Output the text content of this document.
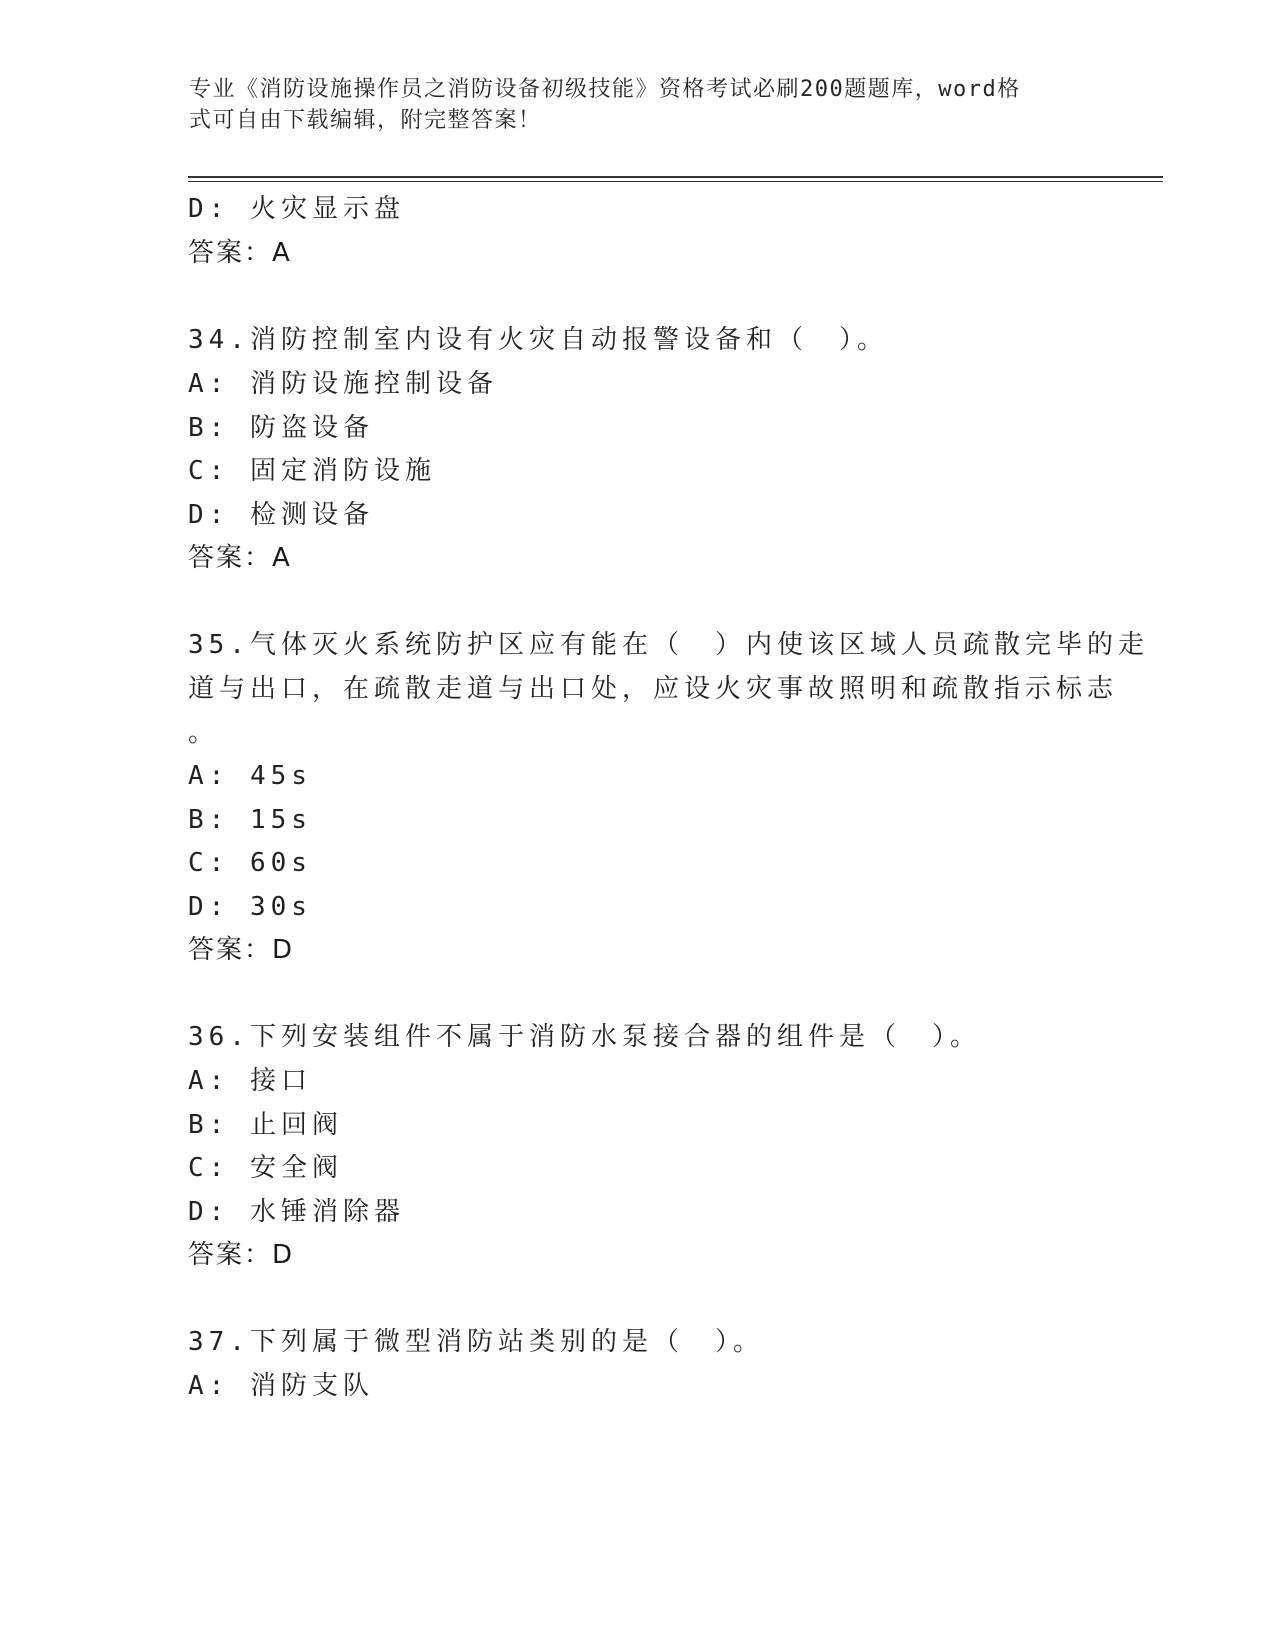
专业《消防设施操作员之消防设备初级技能》资格考试必刷200题题库，word格
式可自由下载编辑，附完整答案！
D: 火灾显示盘
答案：A
34.消防控制室内设有火灾自动报警设备和（　）。
A: 消防设施控制设备
B: 防盗设备
C: 固定消防设施
D: 检测设备
答案：A
35.气体灭火系统防护区应有能在（　）内使该区域人员疏散完毕的走
道与出口，在疏散走道与出口处，应设火灾事故照明和疏散指示标志
。
A: 45s
B: 15s
C: 60s
D: 30s
答案：D
36.下列安装组件不属于消防水泵接合器的组件是（　）。
A: 接口
B: 止回阀
C: 安全阀
D: 水锤消除器
答案：D
37.下列属于微型消防站类别的是（　）。
A: 消防支队
